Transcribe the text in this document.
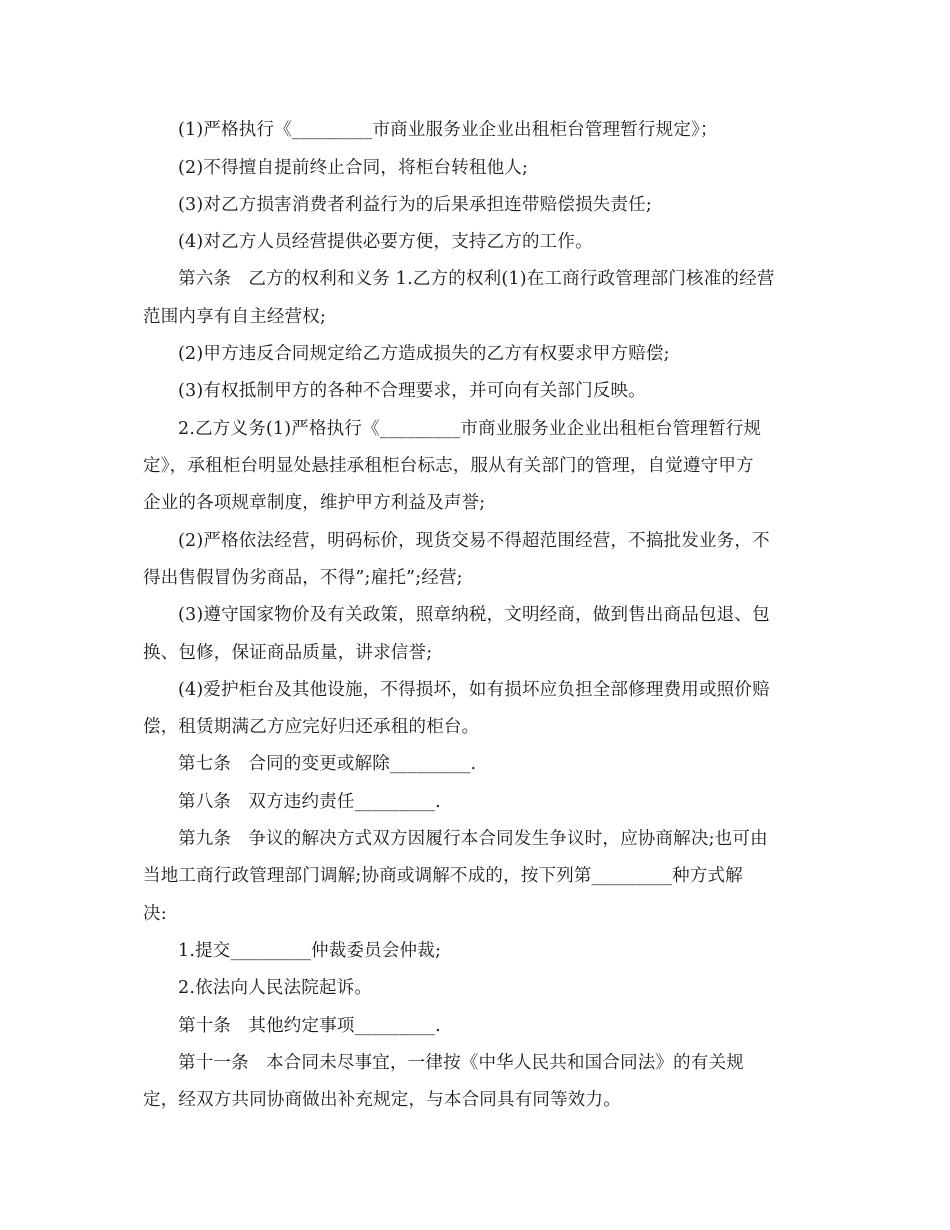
(1)严格执行《_________市商业服务业企业出租柜台管理暂行规定》；
(2)不得擅自提前终止合同，将柜台转租他人;
(3)对乙方损害消费者利益行为的后果承担连带赔偿损失责任;
(4)对乙方人员经营提供必要方便，支持乙方的工作。
第六条   乙方的权利和义务 1.乙方的权利(1)在工商行政管理部门核准的经营
范围内享有自主经营权;
(2)甲方违反合同规定给乙方造成损失的乙方有权要求甲方赔偿;
(3)有权抵制甲方的各种不合理要求，并可向有关部门反映。
2.乙方义务(1)严格执行《_________市商业服务业企业出租柜台管理暂行规
定》，承租柜台明显处悬挂承租柜台标志，服从有关部门的管理，自觉遵守甲方
企业的各项规章制度，维护甲方利益及声誉;
(2)严格依法经营，明码标价，现货交易不得超范围经营，不搞批发业务，不
得出售假冒伪劣商品，不得”;雇托”;经营;
(3)遵守国家物价及有关政策，照章纳税，文明经商，做到售出商品包退、包
换、包修，保证商品质量，讲求信誉;
(4)爱护柜台及其他设施，不得损坏，如有损坏应负担全部修理费用或照价赔
偿，租赁期满乙方应完好归还承租的柜台。
第七条   合同的变更或解除_________.
第八条   双方违约责任_________.
第九条   争议的解决方式双方因履行本合同发生争议时，应协商解决;也可由
当地工商行政管理部门调解;协商或调解不成的，按下列第_________种方式解
决:
1.提交_________仲裁委员会仲裁;
2.依法向人民法院起诉。
第十条   其他约定事项_________.
第十一条   本合同未尽事宜，一律按《中华人民共和国合同法》的有关规
定，经双方共同协商做出补充规定，与本合同具有同等效力。
